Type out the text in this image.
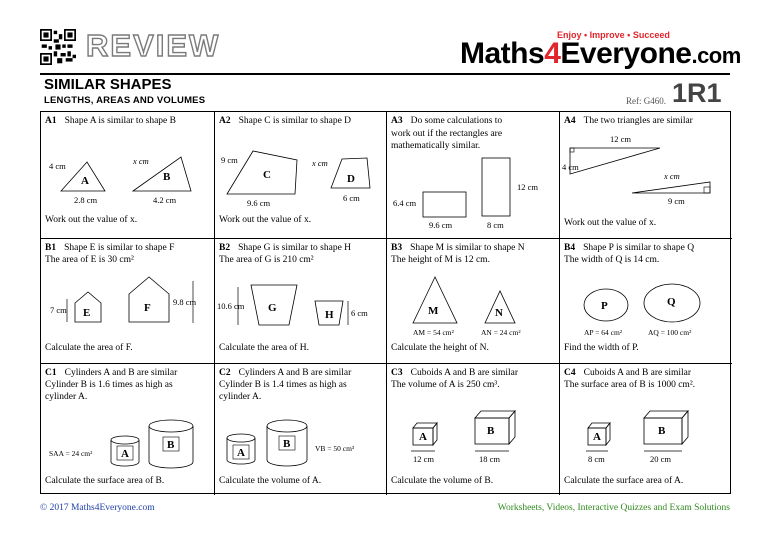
REVIEW	Enjoy • Improve • Succeed
Maths4Everyone.com
SIMILAR SHAPES
LENGTHS, AREAS AND VOLUMES	Ref: G460. 1R1
A1 Shape A is similar to shape B
A	B
4 cm
2.8 cm
x cm
4.2 cm
Work out the value of x.
A2 Shape C is similar to shape D
C	D
9 cm
9.6 cm
x cm
6 cm
Work out the value of x.
A3 Do some calculations to
work out if the rectangles are
mathematically similar.
6.4 cm
9.6 cm
12 cm
8 cm
A4 The two triangles are similar
12 cm
4 cm
x cm
9 cm
Work out the value of x.
B1 Shape E is similar to shape F
The area of E is 30 cm²
E	F
7 cm
9.8 cm
Calculate the area of F.
B2 Shape G is similar to shape H
The area of G is 210 cm²
G
H
10.6 cm
6 cm
Calculate the area of H.
B3 Shape M is similar to shape N
The height of M is 12 cm.
M	N
AM = 54 cm²	AN = 24 cm²
Calculate the height of N.
B4 Shape P is similar to shape Q
The width of Q is 14 cm.
P	Q
AP = 64 cm²	AQ = 100 cm²
Find the width of P.
C1 Cylinders A and B are similar
Cylinder B is 1.6 times as high as
cylinder A.
A
B
SAA = 24 cm²
Calculate the surface area of B.
C2 Cylinders A and B are similar
Cylinder B is 1.4 times as high as
cylinder A.
A
B	VB = 50 cm³
Calculate the volume of A.
C3 Cuboids A and B are similar
The volume of A is 250 cm³.
A	B
12 cm	18 cm
Calculate the volume of B.
C4 Cuboids A and B are similar
The surface area of B is 1000 cm².
A	B
8 cm	20 cm
Calculate the surface area of A.
© 2017 Maths4Everyone.com	Worksheets, Videos, Interactive Quizzes and Exam Solutions
